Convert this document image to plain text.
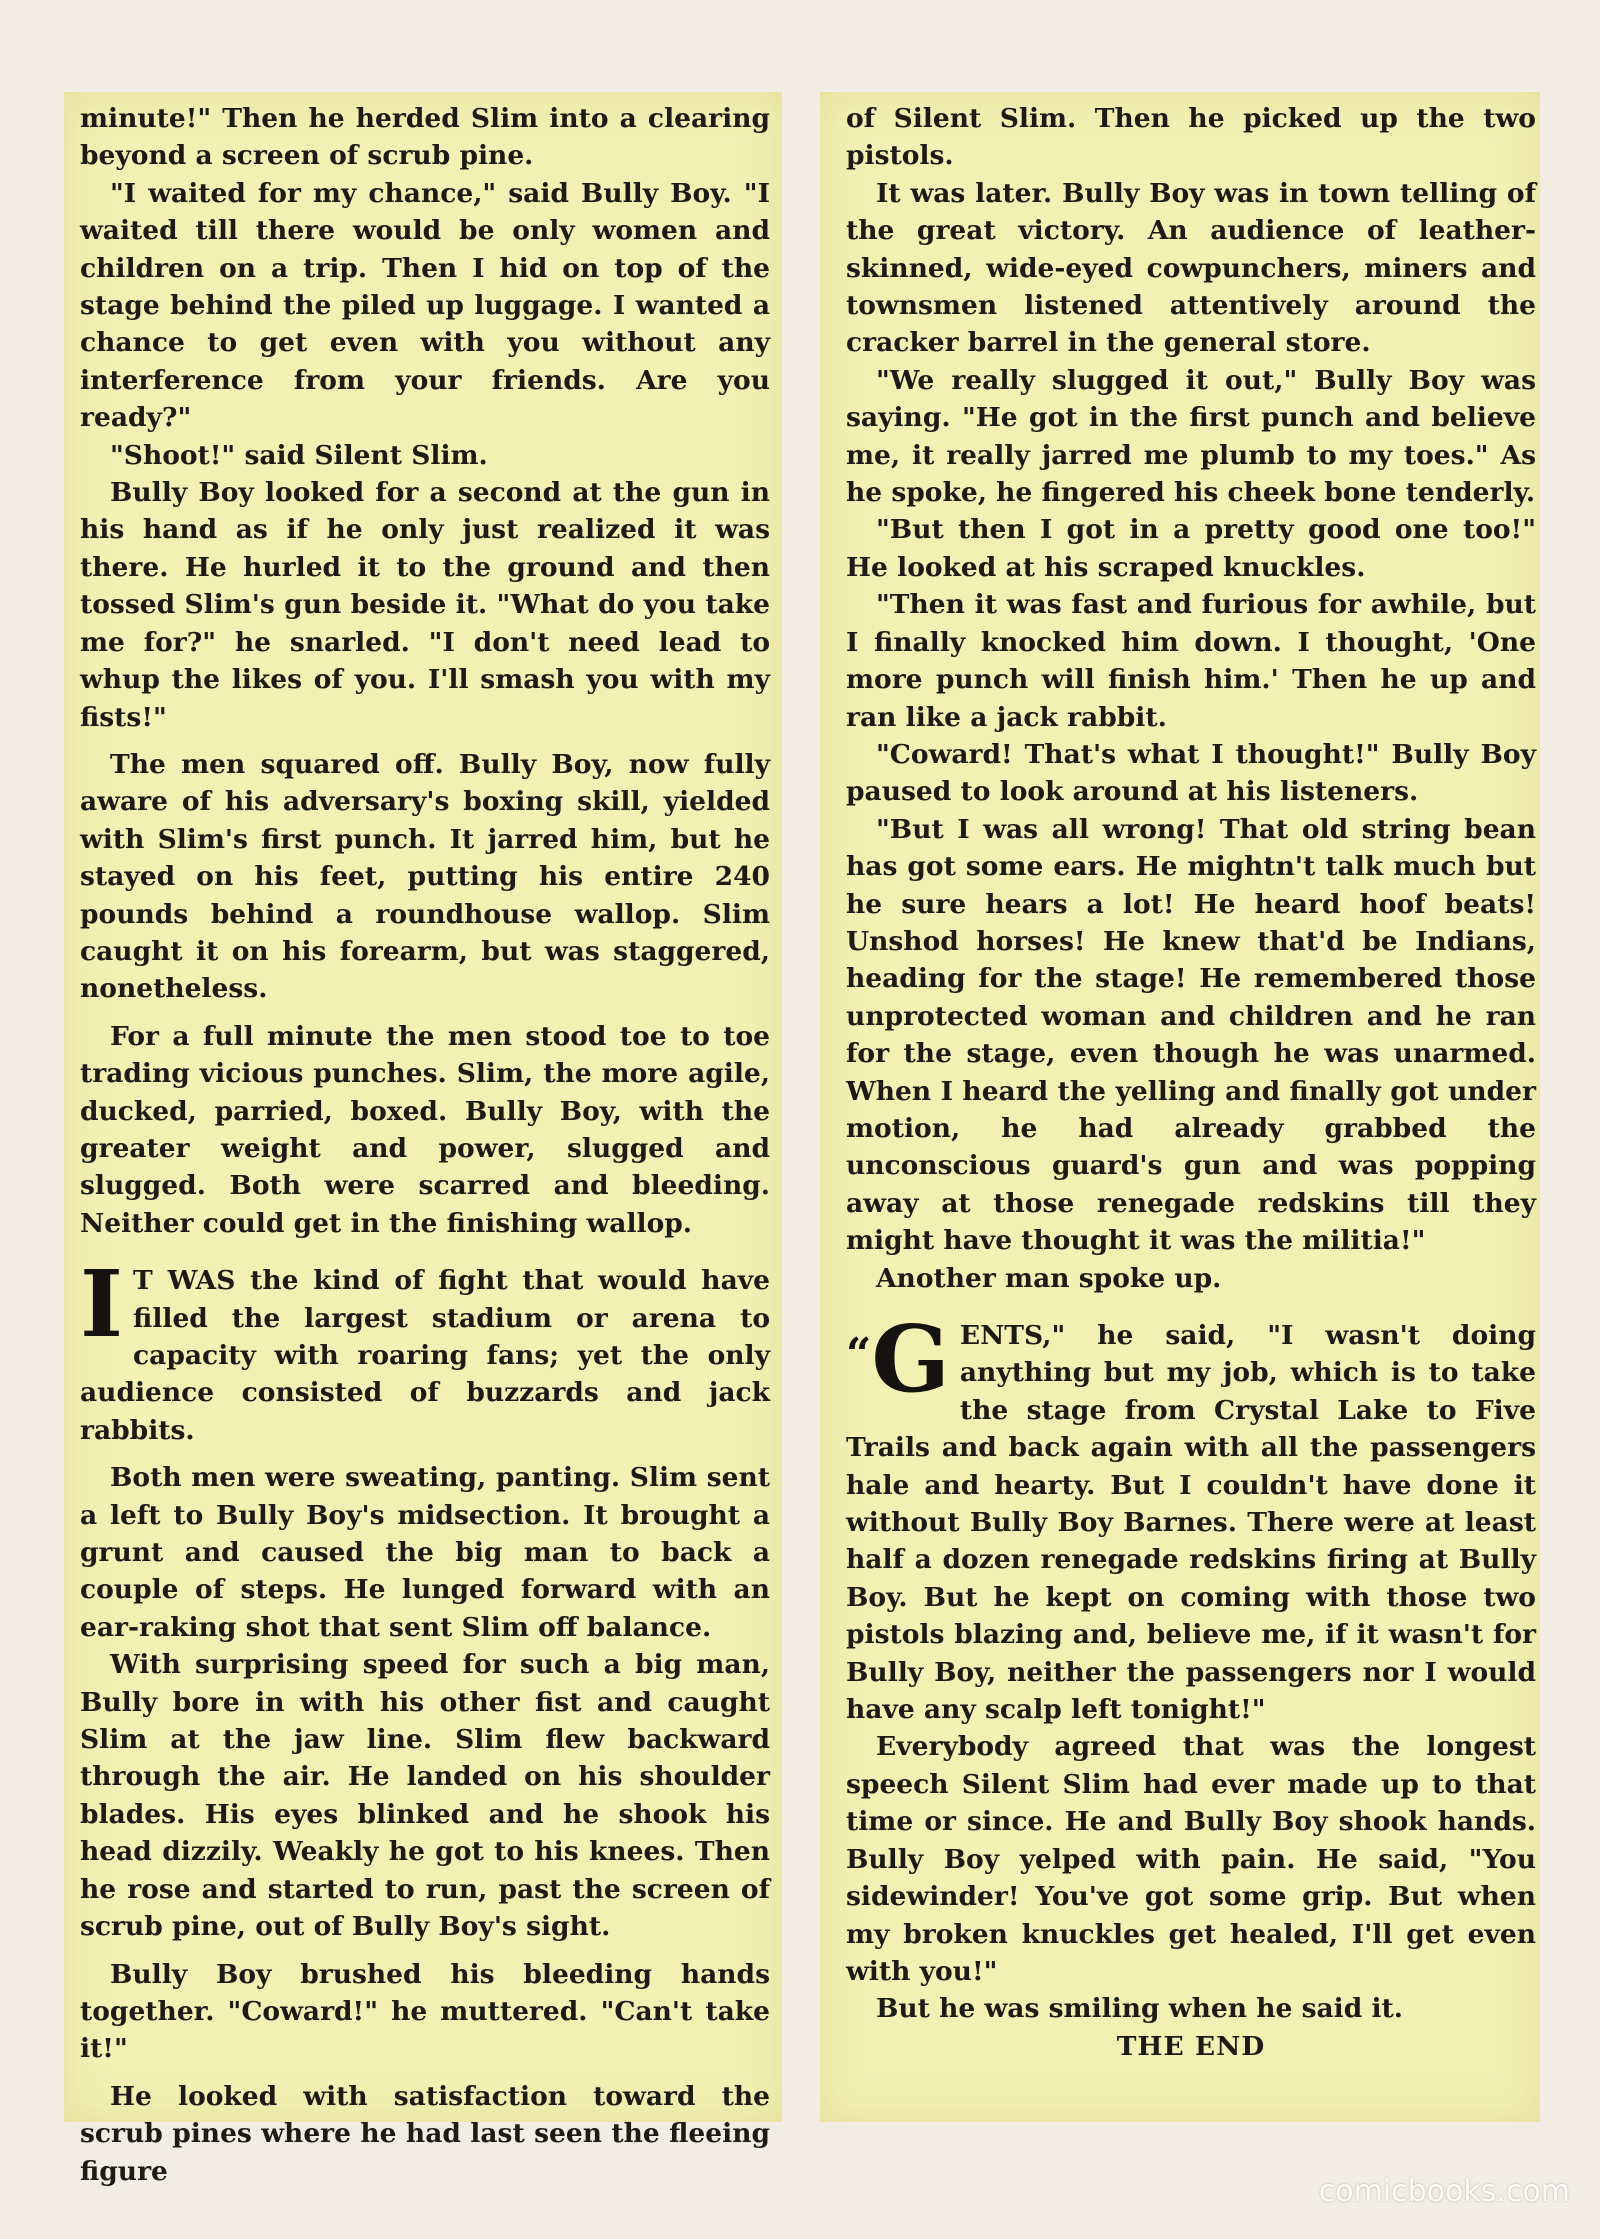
minute!" Then he herded Slim into a clearing beyond a screen of scrub pine.

"I waited for my chance," said Bully Boy. "I waited till there would be only women and children on a trip. Then I hid on top of the stage behind the piled up luggage. I wanted a chance to get even with you without any interference from your friends. Are you ready?"

"Shoot!" said Silent Slim.

Bully Boy looked for a second at the gun in his hand as if he only just realized it was there. He hurled it to the ground and then tossed Slim's gun beside it. "What do you take me for?" he snarled. "I don't need lead to whup the likes of you. I'll smash you with my fists!"

The men squared off. Bully Boy, now fully aware of his adversary's boxing skill, yielded with Slim's first punch. It jarred him, but he stayed on his feet, putting his entire 240 pounds behind a roundhouse wallop. Slim caught it on his forearm, but was staggered, nonetheless.

For a full minute the men stood toe to toe trading vicious punches. Slim, the more agile, ducked, parried, boxed. Bully Boy, with the greater weight and power, slugged and slugged. Both were scarred and bleeding. Neither could get in the finishing wallop.

I T WAS the kind of fight that would have filled the largest stadium or arena to capacity with roaring fans; yet the only audience consisted of buzzards and jack rabbits.

Both men were sweating, panting. Slim sent a left to Bully Boy's midsection. It brought a grunt and caused the big man to back a couple of steps. He lunged forward with an ear-raking shot that sent Slim off balance.

With surprising speed for such a big man, Bully bore in with his other fist and caught Slim at the jaw line. Slim flew backward through the air. He landed on his shoulder blades. His eyes blinked and he shook his head dizzily. Weakly he got to his knees. Then he rose and started to run, past the screen of scrub pine, out of Bully Boy's sight.

Bully Boy brushed his bleeding hands together. "Coward!" he muttered. "Can't take it!"

He looked with satisfaction toward the scrub pines where he had last seen the fleeing figure

of Silent Slim. Then he picked up the two pistols.

It was later. Bully Boy was in town telling of the great victory. An audience of leather-skinned, wide-eyed cowpunchers, miners and townsmen listened attentively around the cracker barrel in the general store.

"We really slugged it out," Bully Boy was saying. "He got in the first punch and believe me, it really jarred me plumb to my toes." As he spoke, he fingered his cheek bone tenderly.

"But then I got in a pretty good one too!" He looked at his scraped knuckles.

"Then it was fast and furious for awhile, but I finally knocked him down. I thought, 'One more punch will finish him.' Then he up and ran like a jack rabbit.

"Coward! That's what I thought!" Bully Boy paused to look around at his listeners.

"But I was all wrong! That old string bean has got some ears. He mightn't talk much but he sure hears a lot! He heard hoof beats! Unshod horses! He knew that'd be Indians, heading for the stage! He remembered those unprotected woman and children and he ran for the stage, even though he was unarmed. When I heard the yelling and finally got under motion, he had already grabbed the unconscious guard's gun and was popping away at those renegade redskins till they might have thought it was the militia!"

Another man spoke up.

“ G ENTS," he said, "I wasn't doing anything but my job, which is to take the stage from Crystal Lake to Five Trails and back again with all the passengers hale and hearty. But I couldn't have done it without Bully Boy Barnes. There were at least half a dozen renegade redskins firing at Bully Boy. But he kept on coming with those two pistols blazing and, believe me, if it wasn't for Bully Boy, neither the passengers nor I would have any scalp left tonight!"

Everybody agreed that was the longest speech Silent Slim had ever made up to that time or since. He and Bully Boy shook hands. Bully Boy yelped with pain. He said, "You sidewinder! You've got some grip. But when my broken knuckles get healed, I'll get even with you!"

But he was smiling when he said it.

THE END

comicbooks.com
